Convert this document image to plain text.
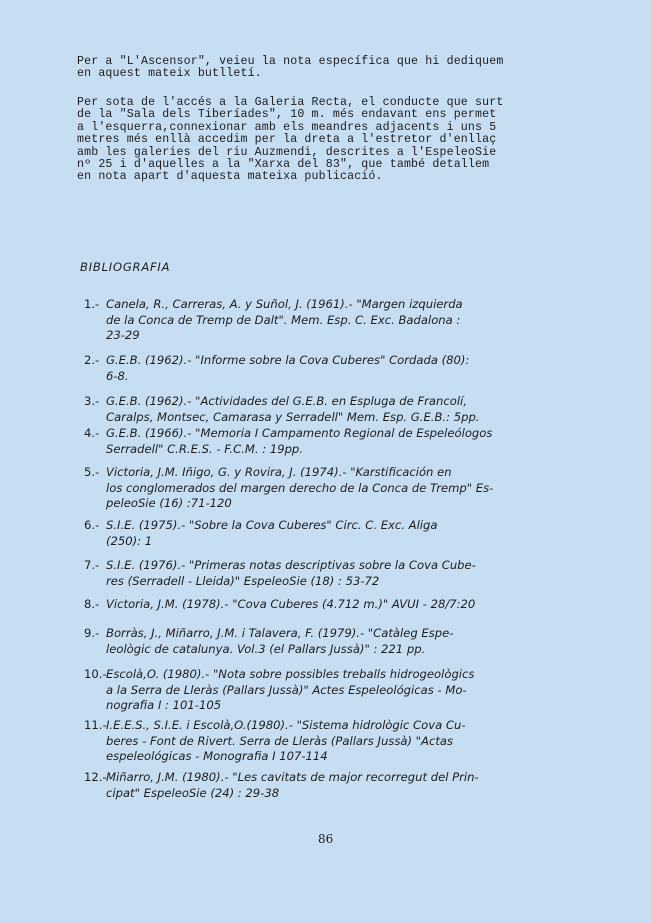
Per a "L'Ascensor", veieu la nota específica que hi dediquem
en aquest mateix butlletí.
Per sota de l'accés a la Galeria Recta, el conducte que surt
de la "Sala dels Tiberíades", 10 m. més endavant ens permet
a l'esquerra,connexionar amb els meandres adjacents i uns 5
metres més enllà accedim per la dreta a l'estretor d'enllaç
amb les galeries del riu Auzmendi, descrites a l'EspeleoSie
nº 25 i d'aquelles a la "Xarxa del 83", que també detallem
en nota apart d'aquesta mateixa publicació.
BIBLIOGRAFIA
1.- Canela, R., Carreras, A. y Suñol, J. (1961).- "Margen izquierda
de la Conca de Tremp de Dalt". Mem. Esp. C. Exc. Badalona :
23-29
2.- G.E.B. (1962).- "Informe sobre la Cova Cuberes" Cordada (80):
6-8.
3.- G.E.B. (1962).- "Actividades del G.E.B. en Espluga de Francolí,
Caralps, Montsec, Camarasa y Serradell" Mem. Esp. G.E.B.: 5pp.
4.- G.E.B. (1966).- "Memoria I Campamento Regional de Espeleólogos
Serradell" C.R.E.S. - F.C.M. : 19pp.
5.- Victoria, J.M. Iñigo, G. y Rovira, J. (1974).- "Karstificación en
los conglomerados del margen derecho de la Conca de Tremp" Es-
peleoSie (16) :71-120
6.- S.I.E. (1975).- "Sobre la Cova Cuberes" Circ. C. Exc. Aliga
(250): 1
7.- S.I.E. (1976).- "Primeras notas descriptivas sobre la Cova Cube-
res (Serradell - Lleida)" EspeleoSie (18) : 53-72
8.- Victoria, J.M. (1978).- "Cova Cuberes (4.712 m.)" AVUI - 28/7:20
9.- Borràs, J., Miñarro, J.M. i Talavera, F. (1979).- "Catàleg Espe-
leològic de catalunya. Vol.3 (el Pallars Jussà)" : 221 pp.
10.- Escolà,O. (1980).- "Nota sobre possibles treballs hidrogeològics
a la Serra de Lleràs (Pallars Jussà)" Actes Espeleológicas - Mo-
nografia I : 101-105
11.- I.E.E.S., S.I.E. i Escolà,O.(1980).- "Sistema hidrològic Cova Cu-
beres - Font de Rivert. Serra de Lleràs (Pallars Jussà) "Actas
espeleológicas - Monografia I 107-114
12.- Miñarro, J.M. (1980).- "Les cavitats de major recorregut del Prin-
cipat" EspeleoSie (24) : 29-38
86
